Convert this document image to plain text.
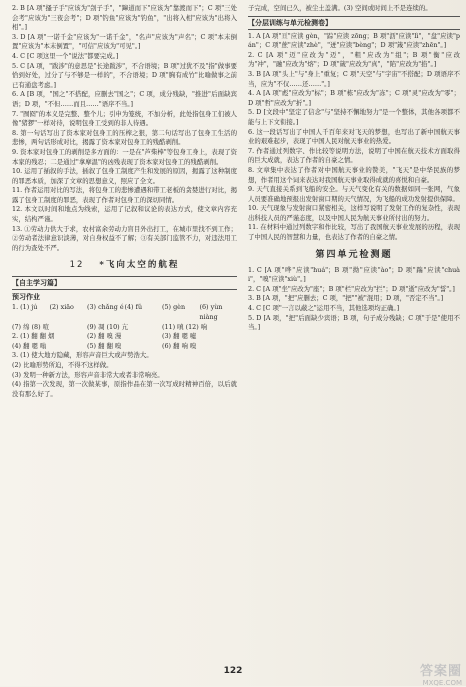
2. B [A 项"搔子手"应该为"刽子手"，"蹿道而下"应该为"靠渡而下"；C 项"三处会考"应该为"三夜会考"；D 项"钓鱼"应该为"钓鱼"，"出将入相"应该为"出将入相"。]

3. D [A 项"一诺千金"应该为"一诺千金"，"名声"应该为"声名"；C 项"本末倒置"应该为"本末倒置"，"可信"应该为"可见"。]

4. C [C 项这里一个"说法"都要完成。]

5. C [A 项，"跋涉"的意思是"长途跋涉"，不合语境；B 项"过犹不及"指"做事要恰到好处，过分了与不够是一样的"，不合语境；D 项"胸有成竹"比喻做事之前已有通盘考虑。]

6. A [B 项，"国之"不搭配，应删去"国之"；C 项，成分残缺，"推进"后面缺宾语；D 项，"不但……而且……"语序不当。]

7. "囫囵"的本义是完整、整个儿；引申为笼统，不加分析，此处指包身工们被人像"猪猡"一样对待，说明包身工受到的非人待遇。

8. 第一句话写出了资本家对包身工的压榨之狠，第二句话写出了包身工生活的悲惨，两句话形成对比，揭露了资本家对包身工的残酷剥削。

9. 资本家对包身工的剥削是多方面的：一是在"芦柴棒"等包身工身上，表现了资本家的残忍；二是通过"拿摩温"的凶残表现了资本家对包身工的残酷剥削。

10. 运用了插叙的手法，插叙了包身工制度产生和发展的原因，揭露了这种制度的罪恶本质，加深了文章的思想意义，照应了全文。

11. 作者运用对比的写法，将包身工的悲惨遭遇和带工老板的贪婪进行对比，揭露了包身工制度的罪恶，表现了作者对包身工的深切同情。

12. 本文以时间和地点为线索，运用了记叙和议论的表达方式，使文章内容充实，结构严谨。

13. ①劳动力供大于求，农村富余劳动力盲目外出打工，在城市里找不到工作；②劳动者法律意识淡薄，对自身权益不了解；③有关部门监管不力，对违法用工的行为查处不严。

12 *飞向太空的航程
【自主学习篇】
预习作业
1. (1) jú	(2) xiāo	(3) chǎng é (4) fǔ	(5) gèn	(6) yùn niàng
(7) 绵 (8) 喧	(9) 凋 (10) 亢	(11) 嗔 (12) 响
2. (1) 翻 翻 烟	(2) 翻 嗅 漫	(3) 翻 嗯 嘘
(4) 翻 嗯 嗡	(5) 翻 翻 嗅	(6) 翻 响 嗅

3. (1) 使大地方隐藏，形容声音巨大或声势浩大。

(2) 比喻形势所迫，不得不这样做。

(3) 发明一种新方法，形容声音非常大或者非常响亮。

(4) 指第一次发现，第一次做某事，原指作品在第一次写成时精神百倍，以后就没有那么好了。

子完成，空间已久，被尘土盖满。(3) 空间或时间上不是连续的。

【分层训练与单元检测卷】

1. A [A 项"亘"应读 gèn，"踪"应读 zōng；B 项"沥"应读"lì"，"盘"应读"pán"；C 项"蔗"应读"zhè"，"迸"应读"bèng"；D 项"箴"应读"zhēn"。]

2. C [A 项"迈"应改为"迈"，"粗"应改为"组"；B 项"衡"应改为"冲"，"融"应改为"熔"；D 项"箴"应改为"真"，"陷"应改为"掐"。]

3. B [A 项"头上"与"身上"重复；C 项"天空"与"宇宙"不搭配；D 项语序不当，应为"不仅……还……"。]

4. A [A 项"彪"应改为"标"；B 项"栋"应改为"冻"；C 项"灵"应改为"零"；D 项"哲"应改为"折"。]

5. D [文段中"坚定了信念"与"坚持不懈地努力"是一个整体，其他各项都不能与上下文衔接。]

6. 这一段话写出了中国人千百年来对飞天的梦想，也写出了新中国航天事业的艰难起步，表现了中国人民对航天事业的热爱。

7. 作者通过列数字、作比较等说明方法，说明了中国在航天技术方面取得的巨大成就，表达了作者的自豪之情。

8. 文章集中表达了作者对中国航天事业的赞美，"飞天"是中华民族的梦想，作者用这个词来表达对我国航天事业取得成就的喜悦和自豪。

9. 天气直接关系到飞船的安全。与天气变化有关的数据如同一张网，气象人员要准确地预报出发射窗口期的天气情况，为飞船的成功发射提供保障。

10. 天气现象与发射窗口紧密相关，这样写说明了发射工作的复杂性，表现出科技人员的严谨态度，以及中国人民为航天事业所付出的努力。

11. 在材料中通过列数字和作比较，写出了我国航天事业发展的历程，表现了中国人民的智慧和力量，也表达了作者的自豪之情。

第四单元检测题

1. C [A 项"哗"应读"huá"；B 项"拗"应读"ào"；D 项"踹"应读"chuài"，"嗅"应读"xiù"。]

2. C [A 项"坐"应改为"座"；B 项"栏"应改为"拦"；D 项"逝"应改为"誓"。]

3. B [A 项，"把"应删去；C 项，"把""被"混用；D 项，"否定不当"。]

4. C [C 项"一言以蔽之"运用不当，其他选项均正确。]

5. D [A 项，"把"后面缺少宾语；B 项，句子成分残缺；C 项"于是"使用不当。]

122	答案圈
MXQE.COM
